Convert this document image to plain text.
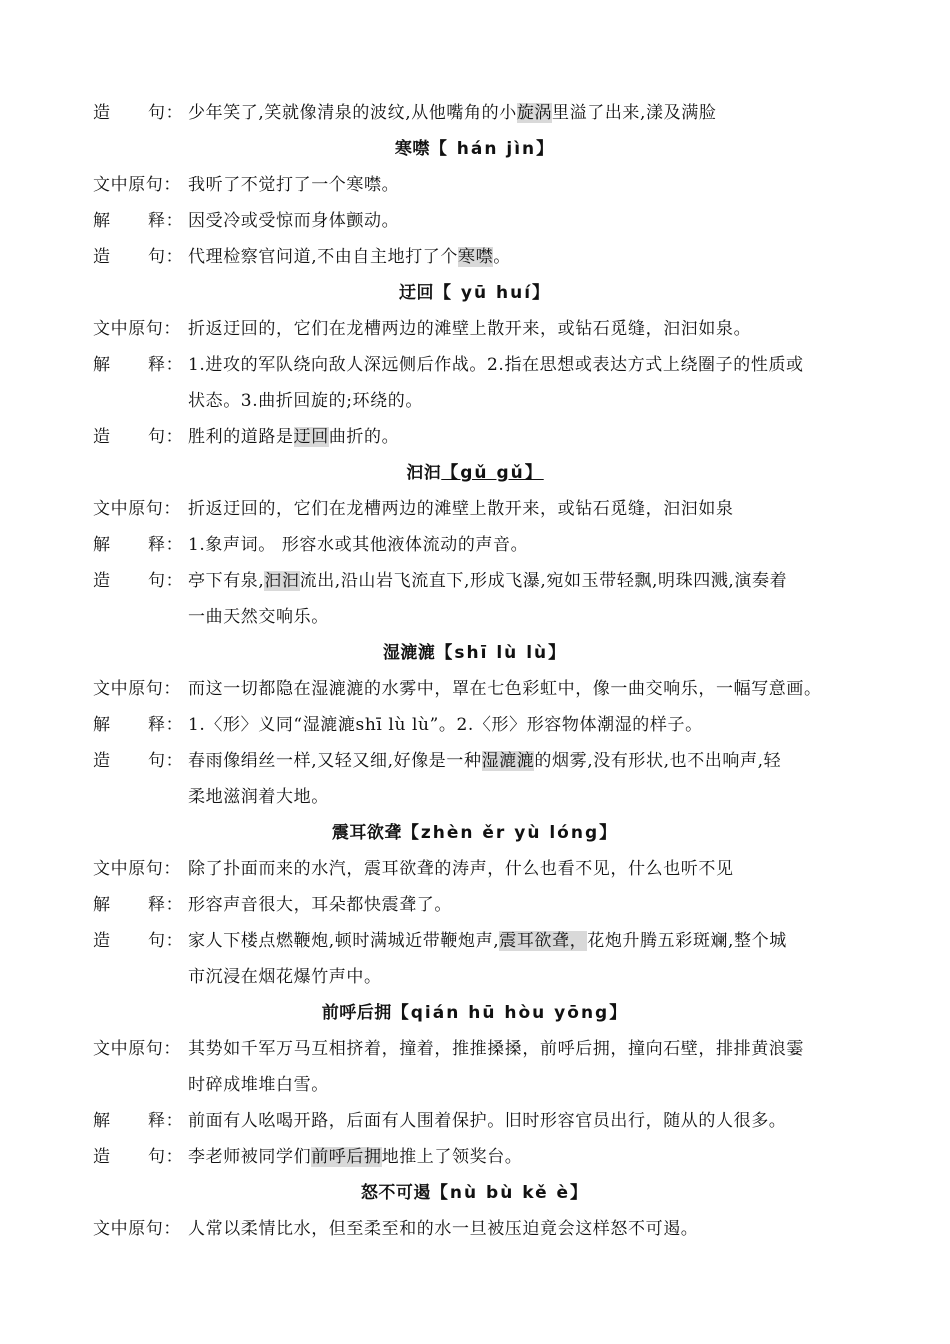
造 句： 少年笑了,笑就像清泉的波纹,从他嘴角的小旋涡里溢了出来,漾及满脸
寒噤【 hán jìn】
文中原句： 我听了不觉打了一个寒噤。
解 释： 因受冷或受惊而身体颤动。
造 句： 代理检察官问道,不由自主地打了个寒噤。
迂回【 yū huí】
文中原句： 折返迂回的，它们在龙槽两边的滩壁上散开来，或钻石觅缝，汩汩如泉。
解 释： 1.进攻的军队绕向敌人深远侧后作战。2.指在思想或表达方式上绕圈子的性质或
状态。3.曲折回旋的;环绕的。
造 句： 胜利的道路是迂回曲折的。
汩汩【gǔ gǔ】
文中原句： 折返迂回的，它们在龙槽两边的滩壁上散开来，或钻石觅缝，汩汩如泉
解 释： 1.象声词。 形容水或其他液体流动的声音。
造 句： 亭下有泉,汩汩流出,沿山岩飞流直下,形成飞瀑,宛如玉带轻飘,明珠四溅,演奏着
一曲天然交响乐。
湿漉漉【shī lù lù】
文中原句： 而这一切都隐在湿漉漉的水雾中，罩在七色彩虹中，像一曲交响乐，一幅写意画。
解 释： 1.〈形〉义同“湿漉漉shī lù lù”。2.〈形〉形容物体潮湿的样子。
造 句： 春雨像绢丝一样,又轻又细,好像是一种湿漉漉的烟雾,没有形状,也不出响声,轻
柔地滋润着大地。
震耳欲聋【zhèn ěr yù lóng】
文中原句： 除了扑面而来的水汽，震耳欲聋的涛声，什么也看不见，什么也听不见
解 释： 形容声音很大，耳朵都快震聋了。
造 句： 家人下楼点燃鞭炮,顿时满城近带鞭炮声,震耳欲聋，花炮升腾五彩斑斓,整个城
市沉浸在烟花爆竹声中。
前呼后拥【qián hū hòu yōng】
文中原句： 其势如千军万马互相挤着，撞着，推推搡搡，前呼后拥，撞向石壁，排排黄浪霎
时碎成堆堆白雪。
解 释： 前面有人吆喝开路，后面有人围着保护。旧时形容官员出行，随从的人很多。
造 句： 李老师被同学们前呼后拥地推上了领奖台。
怒不可遏【nù bù kě è】
文中原句： 人常以柔情比水，但至柔至和的水一旦被压迫竟会这样怒不可遏。
